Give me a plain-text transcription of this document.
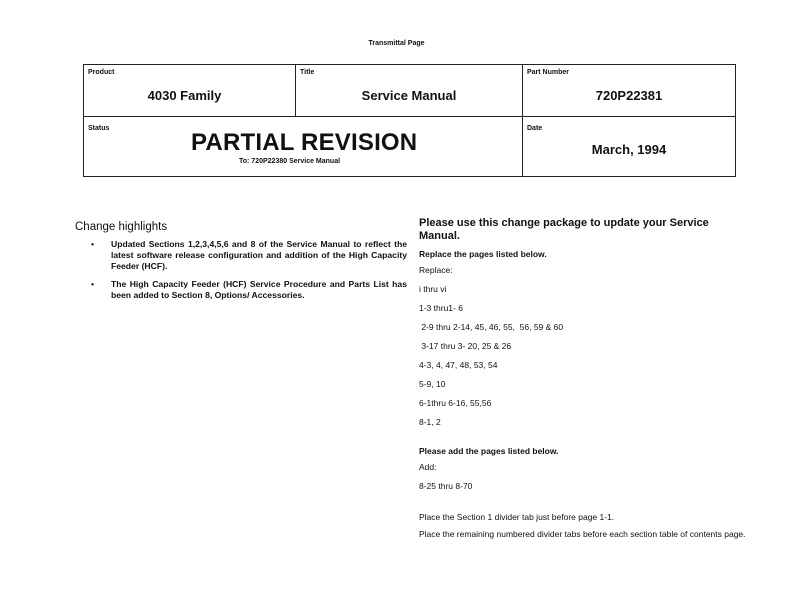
Transmittal Page
Product
4030 Family
Title
Service Manual
Part Number
720P22381
Status
PARTIAL REVISION
To: 720P22380 Service Manual
Date
March, 1994
Change highlights
• Updated Sections 1,2,3,4,5,6 and 8 of the Service Manual to reflect the latest software release configuration and addition of the High Capacity Feeder (HCF).
• The High Capacity Feeder (HCF) Service Procedure and Parts List has been added to Section 8, Options/ Accessories.
Please use this change package to update your Service Manual.
Replace the pages listed below.
Replace:
i thru vi
1-3 thru1- 6
2-9 thru 2-14, 45, 46, 55,  56, 59 & 60
3-17 thru 3- 20, 25 & 26
4-3, 4, 47, 48, 53, 54
5-9, 10
6-1thru 6-16, 55,56
8-1, 2
Please add the pages listed below.
Add:
8-25 thru 8-70
Place the Section 1 divider tab just before page 1-1.
Place the remaining numbered divider tabs before each section table of contents page.
